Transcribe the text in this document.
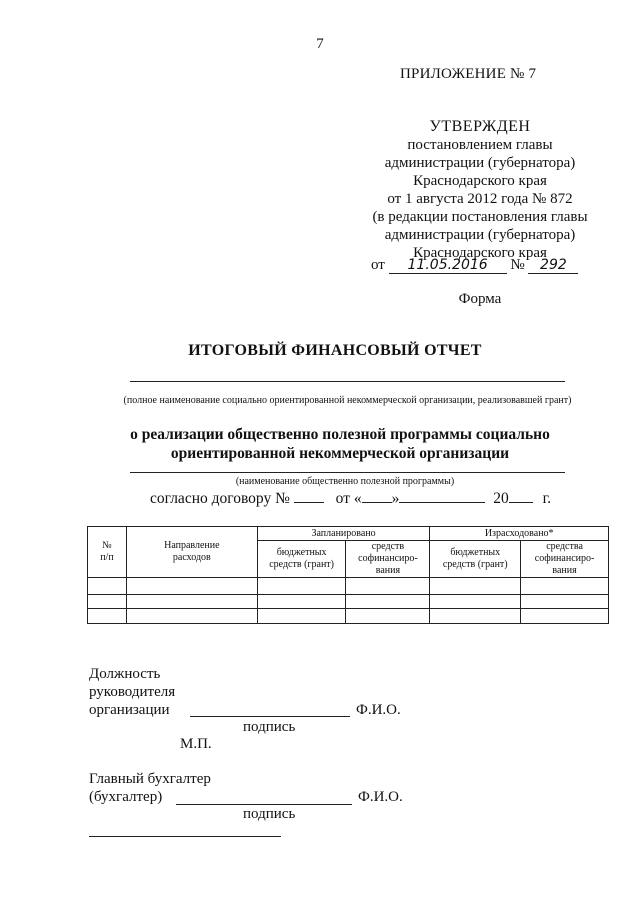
7
ПРИЛОЖЕНИЕ № 7
УТВЕРЖДЕН
постановлением главы
администрации (губернатора)
Краснодарского края
от 1 августа 2012 года № 872
(в редакции постановления главы
администрации (губернатора)
Краснодарского края
от 11.05.2016 № 292
Форма
ИТОГОВЫЙ ФИНАНСОВЫЙ ОТЧЕТ
(полное наименование социально ориентированной некоммерческой организации, реализовавшей грант)
о реализации общественно полезной программы социально
ориентированной некоммерческой организации
(наименование общественно полезной программы)
согласно договору №	от « »	20 г.
№ п/п	Направление расходов	Запланировано		Израсходовано*	
		бюджетных средств (грант)	средств софинансиро-вания	бюджетных средств (грант)	средства софинансиро-вания

Должность
руководителя
организации	Ф.И.О.
подпись
М.П.
Главный бухгалтер
(бухгалтер)	Ф.И.О.
подпись
